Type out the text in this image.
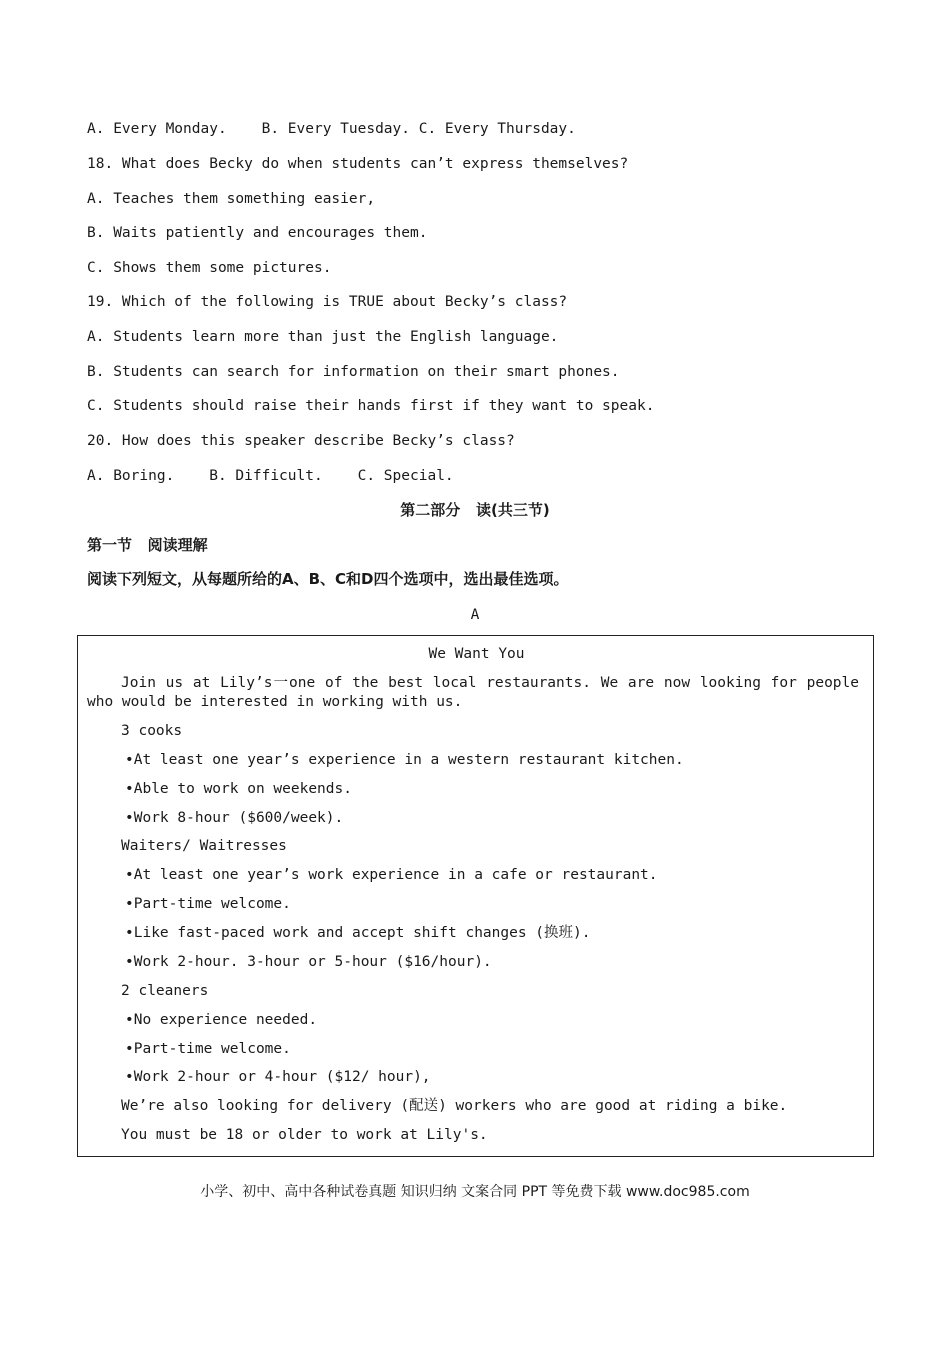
A. Every Monday.    B. Every Tuesday. C. Every Thursday.
18. What does Becky do when students can’t express themselves?
A. Teaches them something easier,
B. Waits patiently and encourages them.
C. Shows them some pictures.
19. Which of the following is TRUE about Becky’s class?
A. Students learn more than just the English language.
B. Students can search for information on their smart phones.
C. Students should raise their hands first if they want to speak.
20. How does this speaker describe Becky’s class?
A. Boring.    B. Difficult.    C. Special.
第二部分   读(共三节)
第一节   阅读理解
阅读下列短文，从每题所给的A、B、C和D四个选项中，选出最佳选项。
A
We Want You
Join us at Lily’s一one of the best local restaurants. We are now looking for people who would be interested in working with us.
3 cooks
•At least one year’s experience in a western restaurant kitchen.
•Able to work on weekends.
•Work 8-hour ($600/week).
Waiters/ Waitresses
•At least one year’s work experience in a cafe or restaurant.
•Part-time welcome.
•Like fast-paced work and accept shift changes (换班).
•Work 2-hour. 3-hour or 5-hour ($16/hour).
2 cleaners
•No experience needed.
•Part-time welcome.
•Work 2-hour or 4-hour ($12/ hour),
We’re also looking for delivery (配送) workers who are good at riding a bike.
You must be 18 or older to work at Lily's.
小学、初中、高中各种试卷真题 知识归纳 文案合同 PPT 等免费下载 www.doc985.com
